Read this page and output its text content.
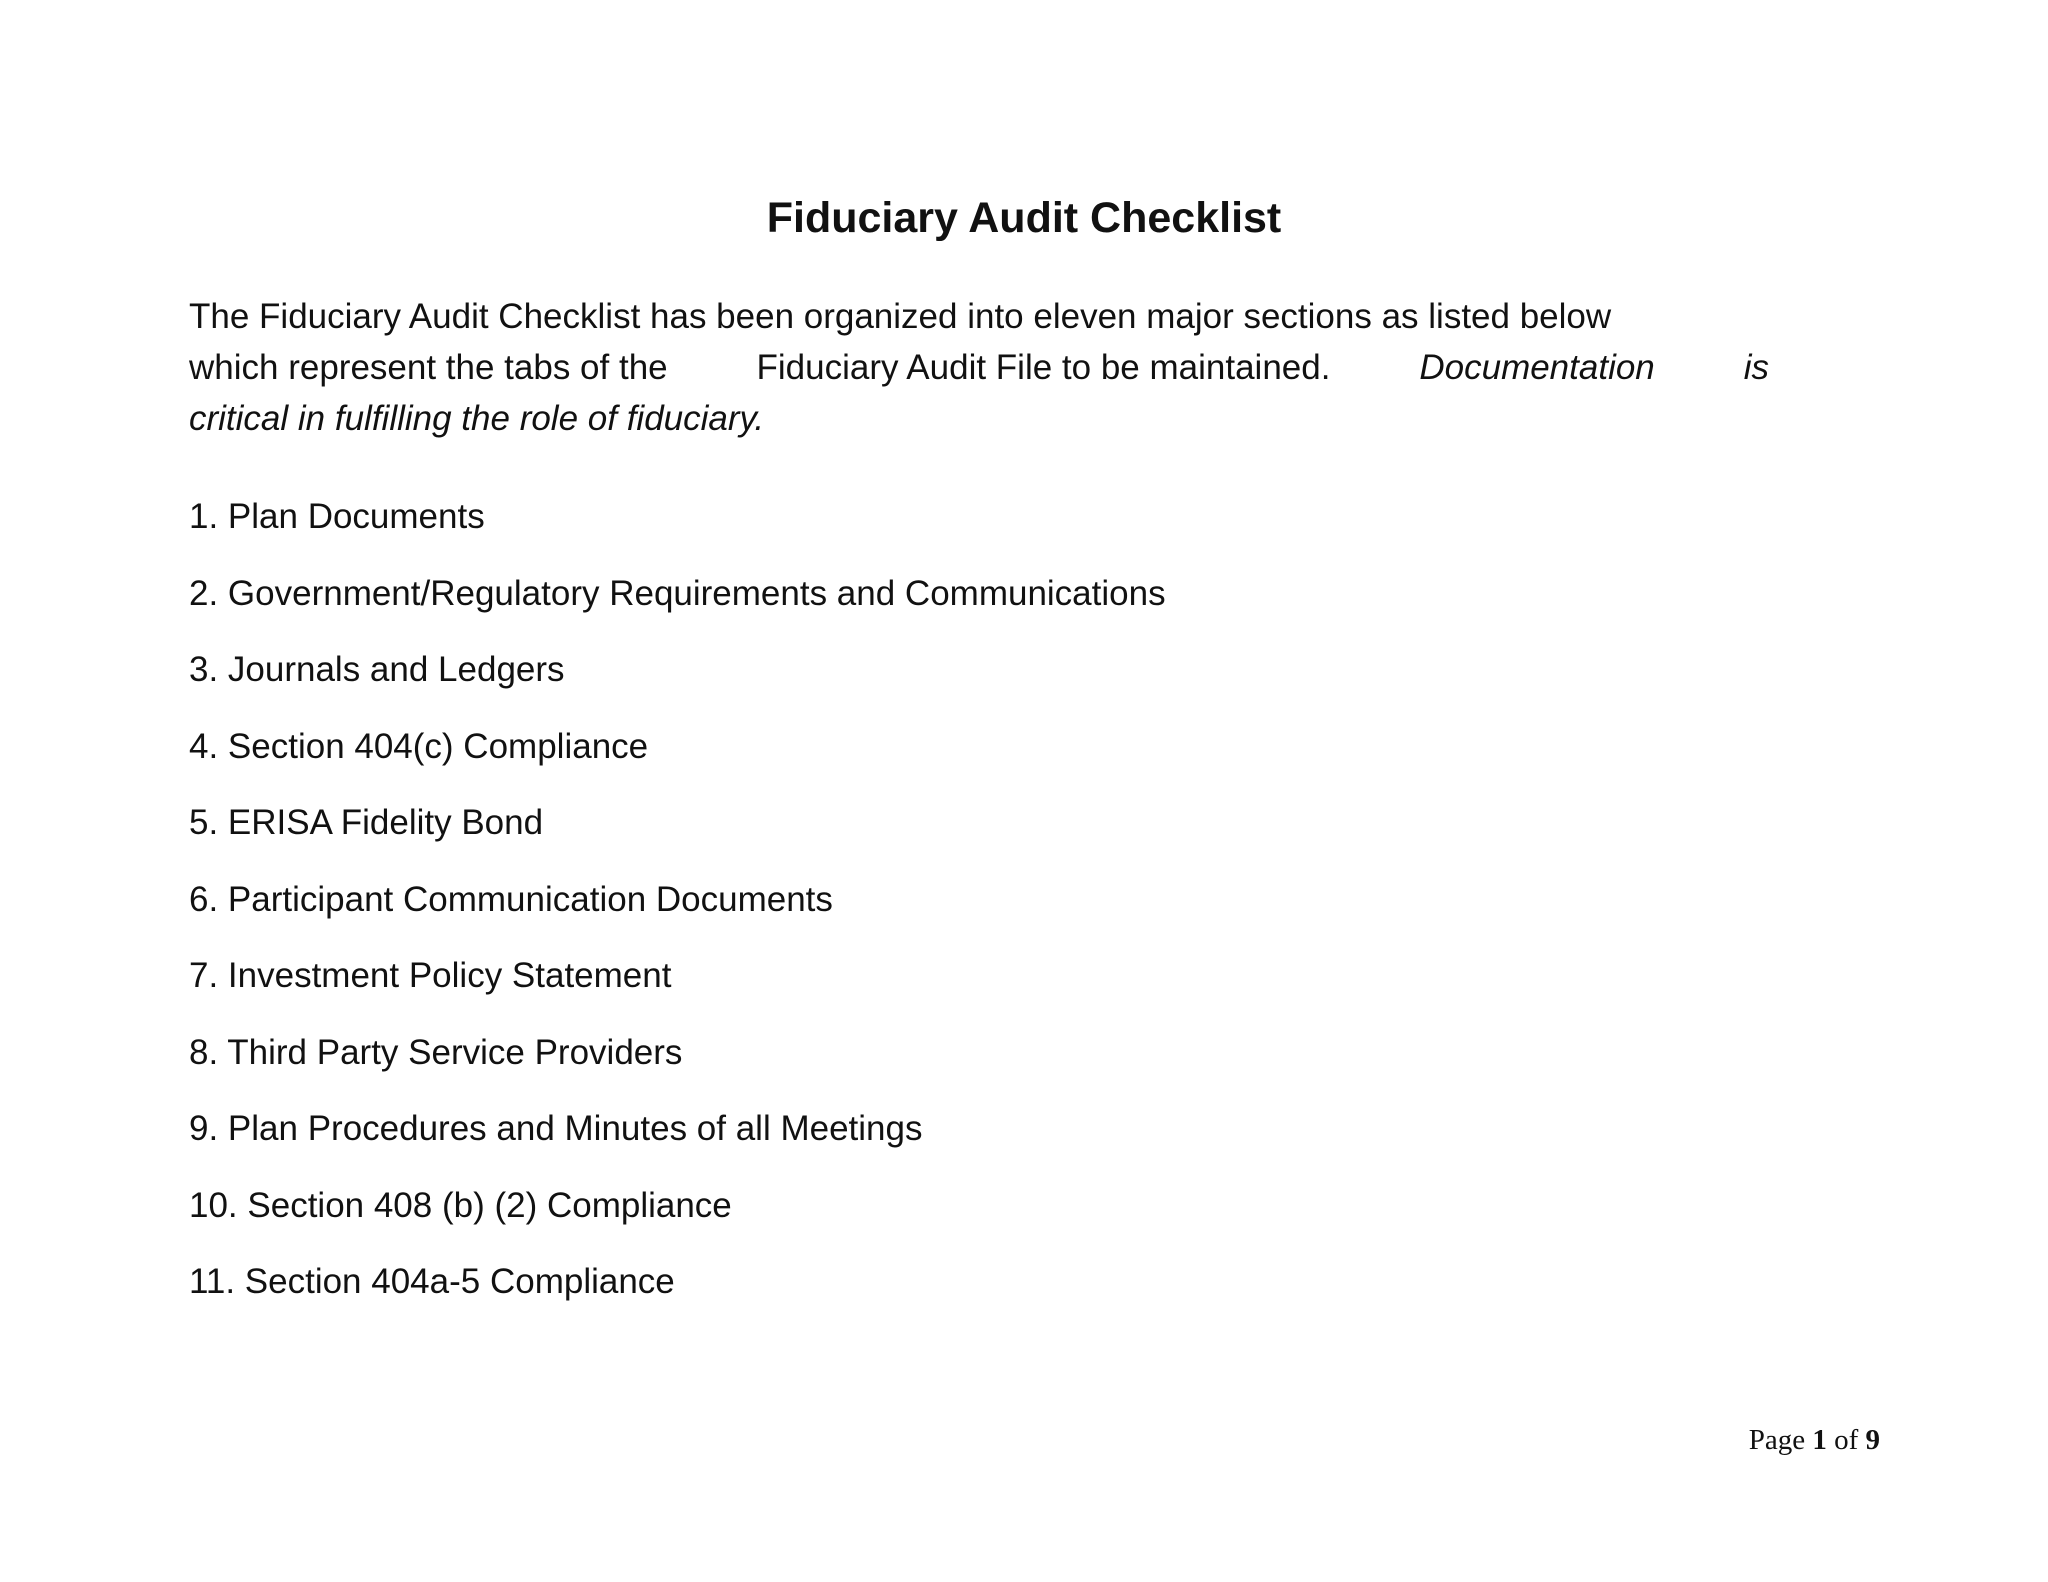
Fiduciary Audit Checklist
The Fiduciary Audit Checklist has been organized into eleven major sections as listed below
which represent the tabs of the	Fiduciary Audit File to be maintained.	Documentation	is
critical in fulfilling the role of fiduciary.
1. Plan Documents
2. Government/Regulatory Requirements and Communications
3. Journals and Ledgers
4. Section 404(c) Compliance
5. ERISA Fidelity Bond
6. Participant Communication Documents
7. Investment Policy Statement
8. Third Party Service Providers
9. Plan Procedures and Minutes of all Meetings
10. Section 408 (b) (2) Compliance
11. Section 404a-5 Compliance
Page 1 of 9
